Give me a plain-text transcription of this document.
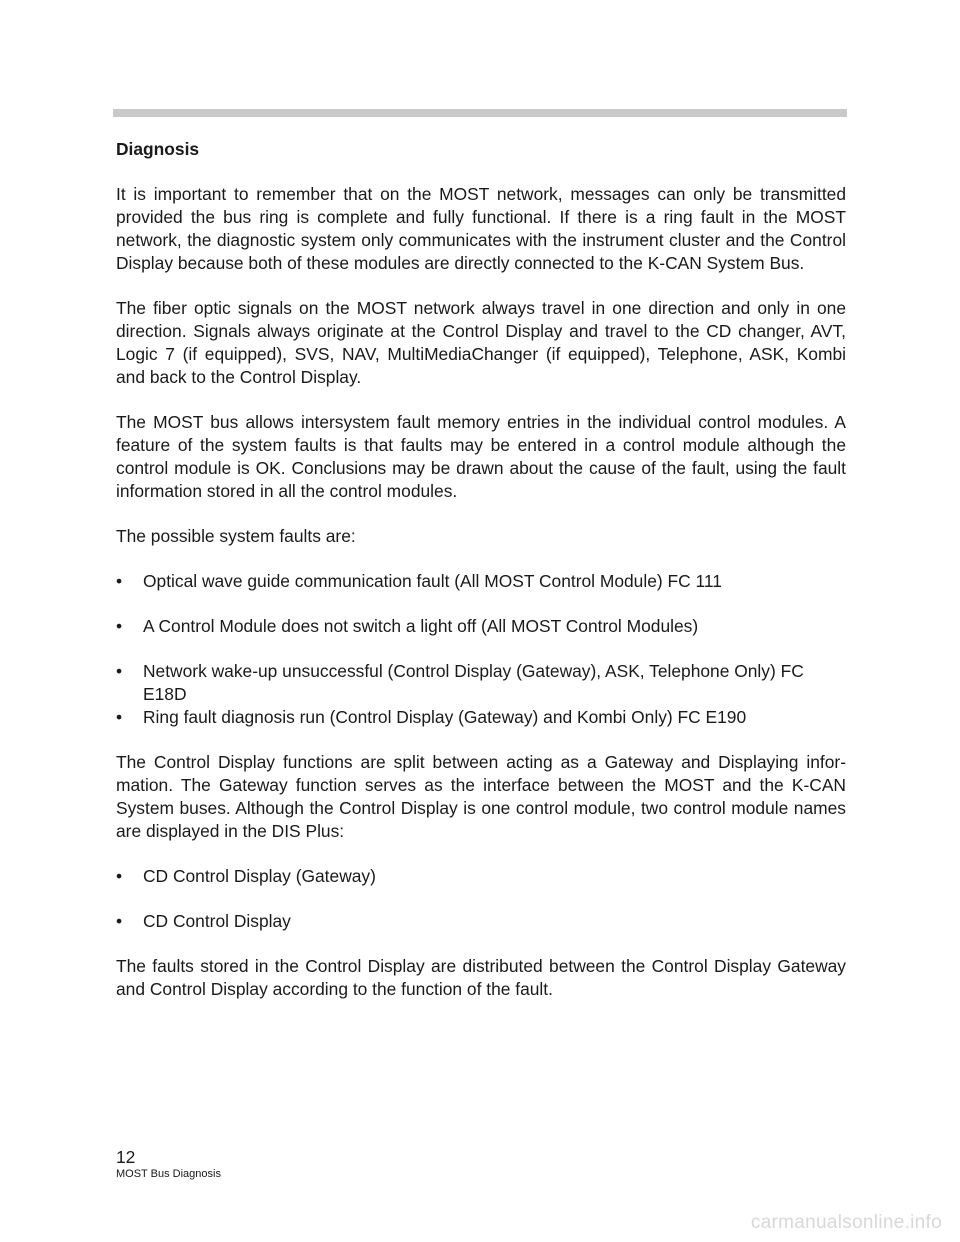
Diagnosis

It is important to remember that on the MOST network, messages can only be transmitted provided the bus ring is complete and fully functional. If there is a ring fault in the MOST network, the diagnostic system only communicates with the instrument cluster and the Control Display because both of these modules are directly connected to the K-CAN System Bus.

The fiber optic signals on the MOST network always travel in one direction and only in one direction. Signals always originate at the Control Display and travel to the CD changer, AVT, Logic 7 (if equipped), SVS, NAV, MultiMediaChanger (if equipped), Telephone, ASK, Kombi and back to the Control Display.

The MOST bus allows intersystem fault memory entries in the individual control modules. A feature of the system faults is that faults may be entered in a control module although the control module is OK. Conclusions may be drawn about the cause of the fault, using the fault information stored in all the control modules.

The possible system faults are:

• Optical wave guide communication fault (All MOST Control Module) FC 111
• A Control Module does not switch a light off (All MOST Control Modules)
• Network wake-up unsuccessful (Control Display (Gateway), ASK, Telephone Only) FC E18D
• Ring fault diagnosis run (Control Display (Gateway) and Kombi Only) FC E190

The Control Display functions are split between acting as a Gateway and Displaying infor-mation. The Gateway function serves as the interface between the MOST and the K-CAN System buses. Although the Control Display is one control module, two control module names are displayed in the DIS Plus:

• CD Control Display (Gateway)
• CD Control Display

The faults stored in the Control Display are distributed between the Control Display Gateway and Control Display according to the function of the fault.

12
MOST Bus Diagnosis
carmanualsonline.info
